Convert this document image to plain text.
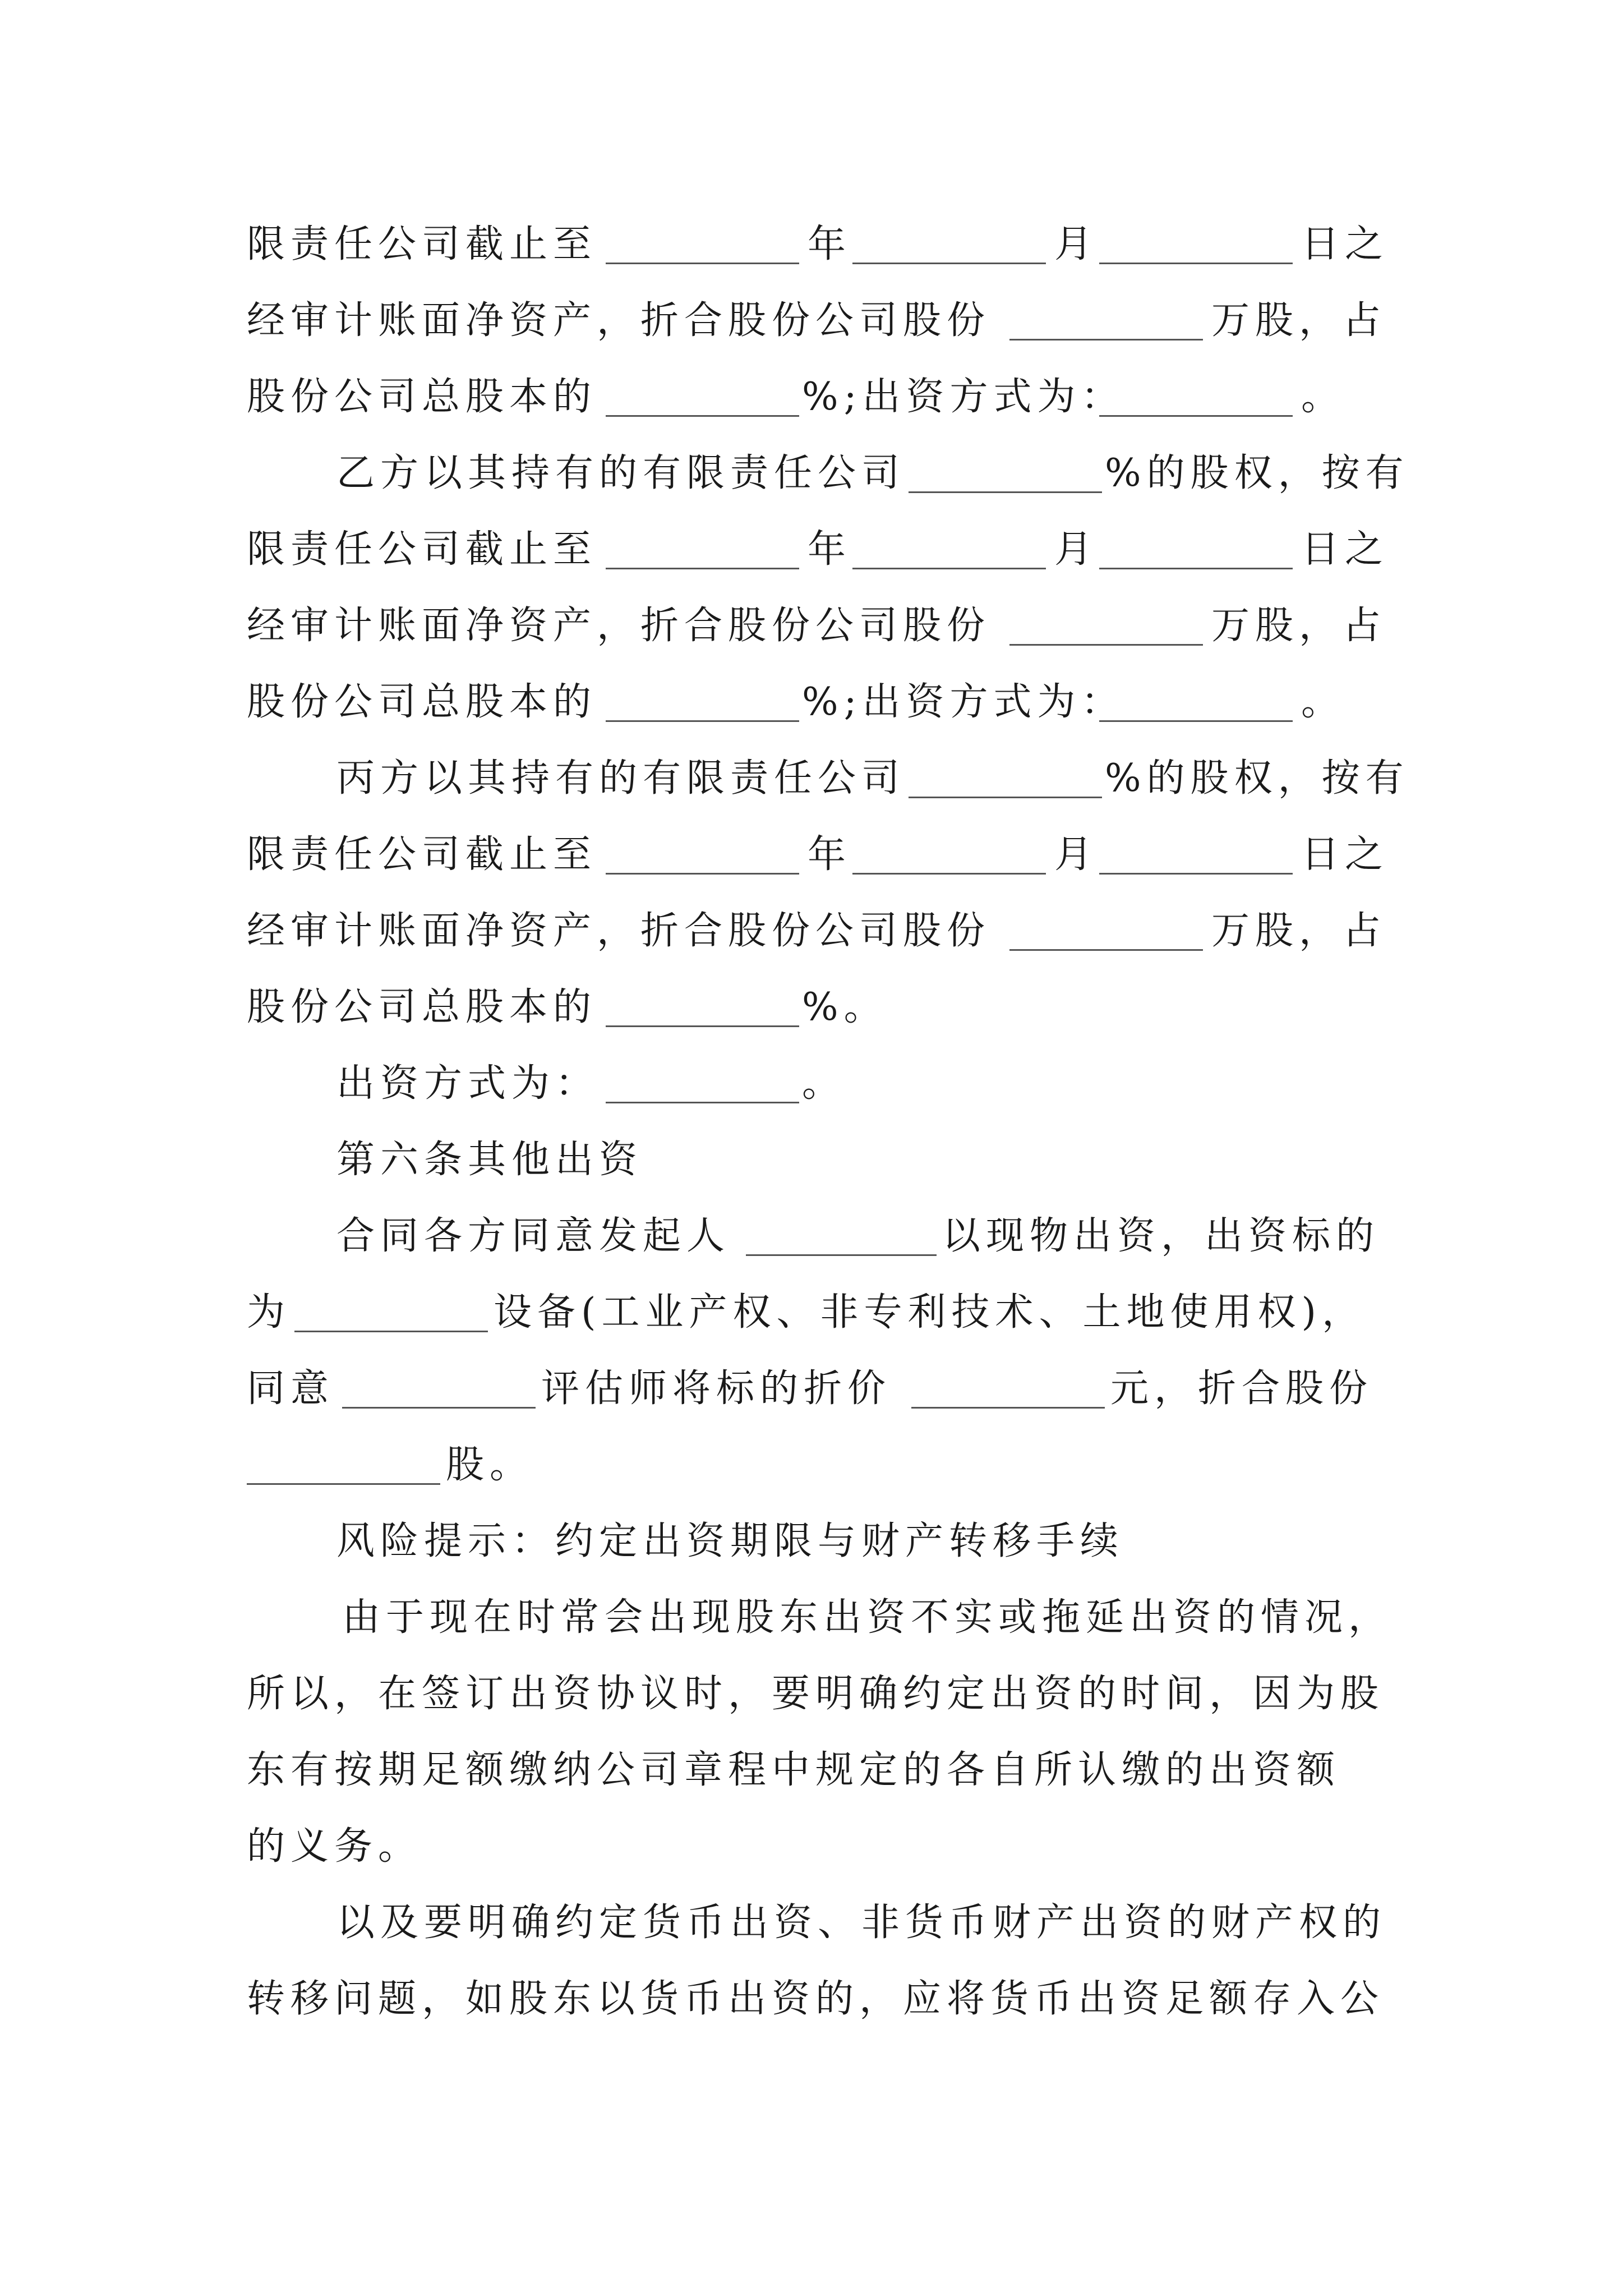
限责任公司截止至	年	月	日之
经审计账面净资产，折合股份公司股份	万股，占
股份公司总股本的	%;出资方式为：	。
乙方以其持有的有限责任公司	%的股权，按有
限责任公司截止至	年	月	日之
经审计账面净资产，折合股份公司股份	万股，占
股份公司总股本的	%;出资方式为：	。
丙方以其持有的有限责任公司	%的股权，按有
限责任公司截止至	年	月	日之
经审计账面净资产，折合股份公司股份	万股，占
股份公司总股本的	%。
出资方式为：	。
第六条其他出资
合同各方同意发起人	以现物出资，出资标的
为	设备(工业产权、非专利技术、土地使用权)，
同意	评估师将标的折价	元，折合股份
股。
风险提示：约定出资期限与财产转移手续
由于现在时常会出现股东出资不实或拖延出资的情况，
所以，在签订出资协议时，要明确约定出资的时间，因为股
东有按期足额缴纳公司章程中规定的各自所认缴的出资额
的义务。
以及要明确约定货币出资、非货币财产出资的财产权的
转移问题，如股东以货币出资的，应将货币出资足额存入公
